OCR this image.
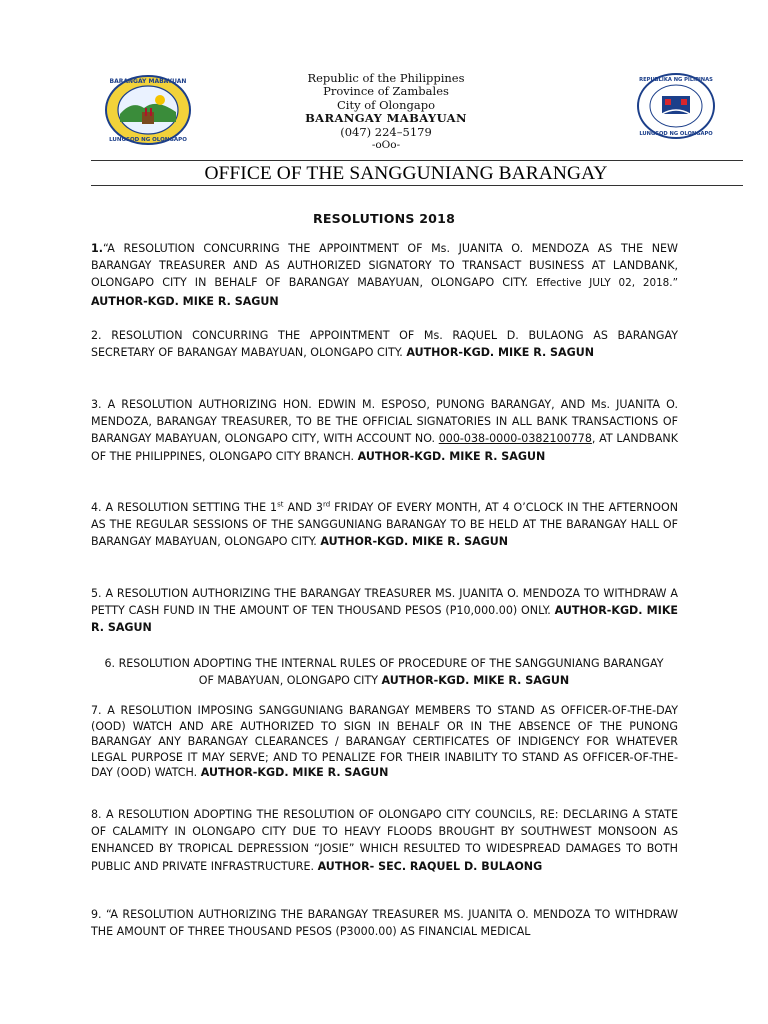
BARANGAY MABAYUAN
LUNGSOD NG OLONGAPO
REPUBLIKA NG PILIPINAS
LUNGSOD NG OLONGAPO
Republic of the Philippines
Province of Zambales
City of Olongapo
BARANGAY MABAYUAN
(047) 224–5179
-oOo-
OFFICE OF THE SANGGUNIANG BARANGAY
RESOLUTIONS 2018
1.“A RESOLUTION CONCURRING THE APPOINTMENT OF Ms. JUANITA O. MENDOZA AS THE NEW BARANGAY TREASURER AND AS AUTHORIZED SIGNATORY TO TRANSACT BUSINESS AT LANDBANK, OLONGAPO CITY IN BEHALF OF BARANGAY MABAYUAN, OLONGAPO CITY. Effective JULY 02, 2018.” AUTHOR-KGD. MIKE R. SAGUN
2. RESOLUTION CONCURRING THE APPOINTMENT OF Ms. RAQUEL D. BULAONG AS BARANGAY SECRETARY OF BARANGAY MABAYUAN, OLONGAPO CITY. AUTHOR-KGD. MIKE R. SAGUN
3. A RESOLUTION AUTHORIZING HON. EDWIN M. ESPOSO, PUNONG BARANGAY, AND Ms. JUANITA O. MENDOZA, BARANGAY TREASURER, TO BE THE OFFICIAL SIGNATORIES IN ALL BANK TRANSACTIONS OF BARANGAY MABAYUAN, OLONGAPO CITY, WITH ACCOUNT NO. 000-038-0000-0382100778, AT LANDBANK OF THE PHILIPPINES, OLONGAPO CITY BRANCH. AUTHOR-KGD. MIKE R. SAGUN
4. A RESOLUTION SETTING THE 1st AND 3rd FRIDAY OF EVERY MONTH, AT 4 O’CLOCK IN THE AFTERNOON AS THE REGULAR SESSIONS OF THE SANGGUNIANG BARANGAY TO BE HELD AT THE BARANGAY HALL OF BARANGAY MABAYUAN, OLONGAPO CITY. AUTHOR-KGD. MIKE R. SAGUN
5. A RESOLUTION AUTHORIZING THE BARANGAY TREASURER MS. JUANITA O. MENDOZA TO WITHDRAW A PETTY CASH FUND IN THE AMOUNT OF TEN THOUSAND PESOS (P10,000.00) ONLY. AUTHOR-KGD. MIKE R. SAGUN
6. RESOLUTION ADOPTING THE INTERNAL RULES OF PROCEDURE OF THE SANGGUNIANG BARANGAY OF MABAYUAN, OLONGAPO CITY AUTHOR-KGD. MIKE R. SAGUN
7. A RESOLUTION IMPOSING SANGGUNIANG BARANGAY MEMBERS TO STAND AS OFFICER-OF-THE-DAY (OOD) WATCH AND ARE AUTHORIZED TO SIGN IN BEHALF OR IN THE ABSENCE OF THE PUNONG BARANGAY ANY BARANGAY CLEARANCES / BARANGAY CERTIFICATES OF INDIGENCY FOR WHATEVER LEGAL PURPOSE IT MAY SERVE; AND TO PENALIZE FOR THEIR INABILITY TO STAND AS OFFICER-OF-THE-DAY (OOD) WATCH. AUTHOR-KGD. MIKE R. SAGUN
8. A RESOLUTION ADOPTING THE RESOLUTION OF OLONGAPO CITY COUNCILS, RE: DECLARING A STATE OF CALAMITY IN OLONGAPO CITY DUE TO HEAVY FLOODS BROUGHT BY SOUTHWEST MONSOON AS ENHANCED BY TROPICAL DEPRESSION “JOSIE” WHICH RESULTED TO WIDESPREAD DAMAGES TO BOTH PUBLIC AND PRIVATE INFRASTRUCTURE. AUTHOR- SEC. RAQUEL D. BULAONG
9. “A RESOLUTION AUTHORIZING THE BARANGAY TREASURER MS. JUANITA O. MENDOZA TO WITHDRAW THE AMOUNT OF THREE THOUSAND PESOS (P3000.00) AS FINANCIAL MEDICAL
